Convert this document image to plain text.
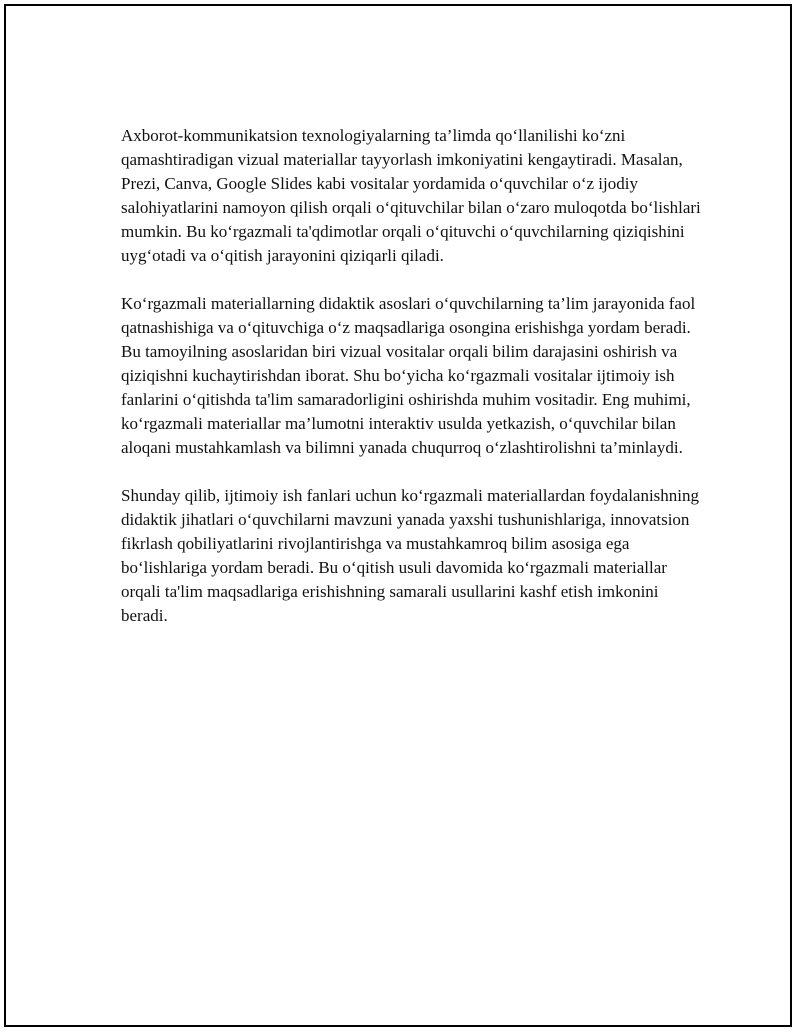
Axborot-kommunikatsion texnologiyalarning ta’limda qo‘llanilishi ko‘zni qamashtiradigan vizual materiallar tayyorlash imkoniyatini kengaytiradi. Masalan, Prezi, Canva, Google Slides kabi vositalar yordamida o‘quvchilar o‘z ijodiy salohiyatlarini namoyon qilish orqali o‘qituvchilar bilan o‘zaro muloqotda bo‘lishlari mumkin. Bu ko‘rgazmali ta'qdimotlar orqali o‘qituvchi o‘quvchilarning qiziqishini uyg‘otadi va o‘qitish jarayonini qiziqarli qiladi.

Ko‘rgazmali materiallarning didaktik asoslari o‘quvchilarning ta’lim jarayonida faol qatnashishiga va o‘qituvchiga o‘z maqsadlariga osongina erishishga yordam beradi. Bu tamoyilning asoslaridan biri vizual vositalar orqali bilim darajasini oshirish va qiziqishni kuchaytirishdan iborat. Shu bo‘yicha ko‘rgazmali vositalar ijtimoiy ish fanlarini o‘qitishda ta'lim samaradorligini oshirishda muhim vositadir. Eng muhimi, ko‘rgazmali materiallar ma’lumotni interaktiv usulda yetkazish, o‘quvchilar bilan aloqani mustahkamlash va bilimni yanada chuqurroq o‘zlashtirolishni ta’minlaydi.

Shunday qilib, ijtimoiy ish fanlari uchun ko‘rgazmali materiallardan foydalanishning didaktik jihatlari o‘quvchilarni mavzuni yanada yaxshi tushunishlariga, innovatsion fikrlash qobiliyatlarini rivojlantirishga va mustahkamroq bilim asosiga ega bo‘lishlariga yordam beradi. Bu o‘qitish usuli davomida ko‘rgazmali materiallar orqali ta'lim maqsadlariga erishishning samarali usullarini kashf etish imkonini beradi.
